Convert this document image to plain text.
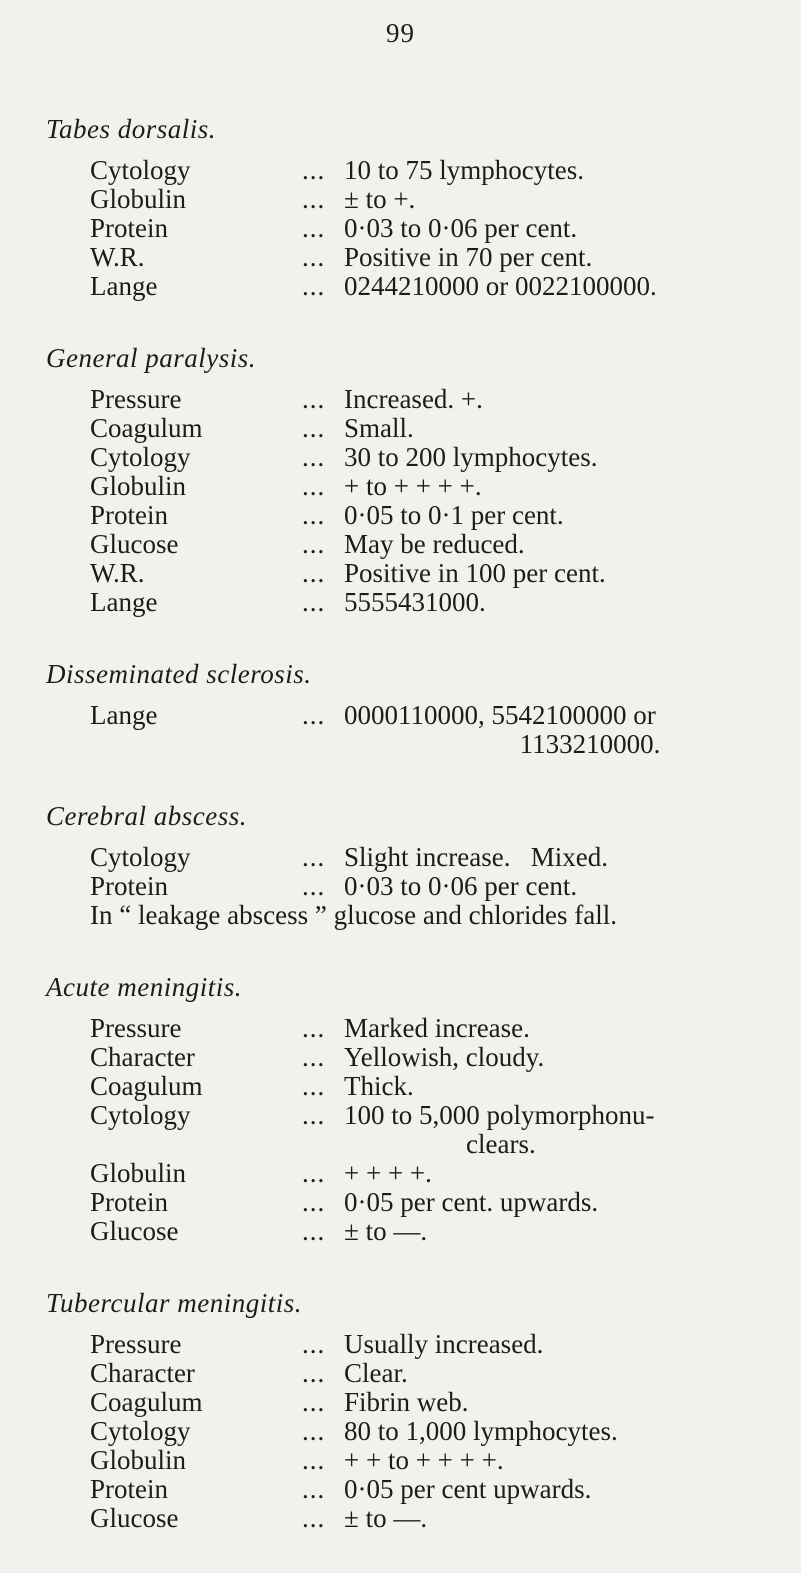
99
Tabes dorsalis.
Cytology	... 10 to 75 lymphocytes.
Globulin	... ± to +.
Protein	... 0·03 to 0·06 per cent.
W.R.	... Positive in 70 per cent.
Lange	... 0244210000 or 0022100000.
General paralysis.
Pressure	... Increased. +.
Coagulum	... Small.
Cytology	... 30 to 200 lymphocytes.
Globulin	... + to + + + +.
Protein	... 0·05 to 0·1 per cent.
Glucose	... May be reduced.
W.R.	... Positive in 100 per cent.
Lange	... 5555431000.
Disseminated sclerosis.
Lange	... 0000110000, 5542100000 or
1133210000.
Cerebral abscess.
Cytology	... Slight increase.   Mixed.
Protein	... 0·03 to 0·06 per cent.
In “ leakage abscess ” glucose and chlorides fall.
Acute meningitis.
Pressure	... Marked increase.
Character	... Yellowish, cloudy.
Coagulum	... Thick.
Cytology	... 100 to 5,000 polymorphonu-
clears.
Globulin	... + + + +.
Protein	... 0·05 per cent. upwards.
Glucose	... ± to —.
Tubercular meningitis.
Pressure	... Usually increased.
Character	... Clear.
Coagulum	... Fibrin web.
Cytology	... 80 to 1,000 lymphocytes.
Globulin	... + + to + + + +.
Protein	... 0·05 per cent upwards.
Glucose	... ± to —.
